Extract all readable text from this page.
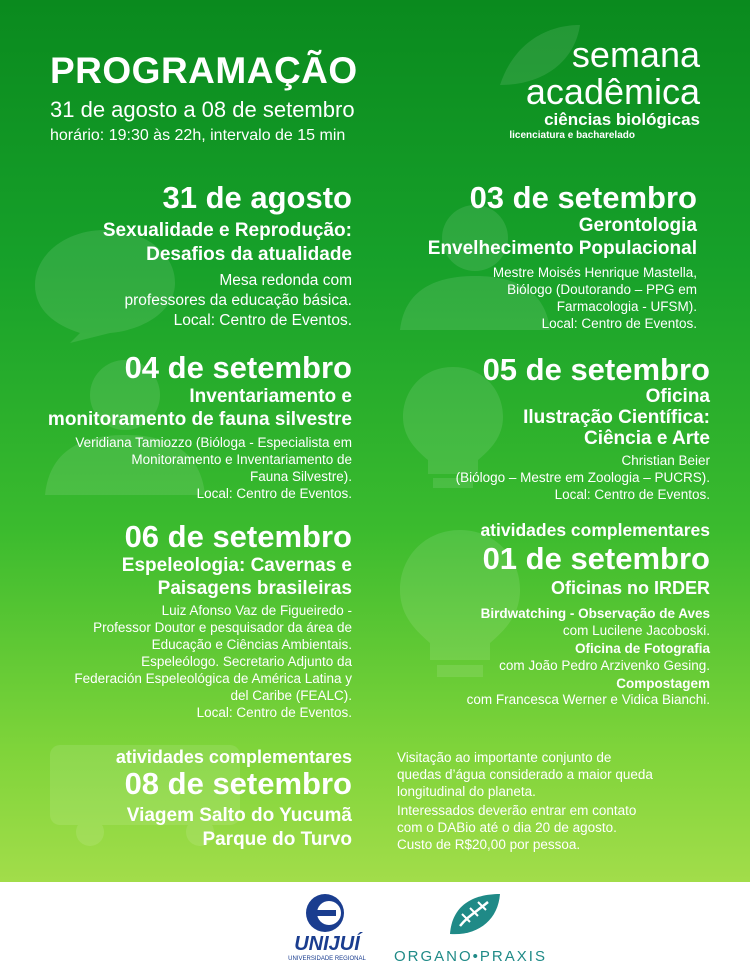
PROGRAMAÇÃO
31 de agosto a 08 de setembro
horário: 19:30 às 22h, intervalo de 15 min
semana
acadêmica
ciências biológicas
licenciatura e bacharelado
31 de agosto
Sexualidade e Reprodução:
Desafios da atualidade
Mesa redonda com
professores da educação básica.
Local: Centro de Eventos.
03 de setembro
Gerontologia
Envelhecimento Populacional
Mestre Moisés Henrique Mastella,
Biólogo (Doutorando – PPG em
Farmacologia - UFSM).
Local: Centro de Eventos.
04 de setembro
Inventariamento e
monitoramento de fauna silvestre
Veridiana Tamiozzo (Bióloga - Especialista em
Monitoramento e Inventariamento de
Fauna Silvestre).
Local: Centro de Eventos.
05 de setembro
Oficina
Ilustração Científica:
Ciência e Arte
Christian Beier
(Biólogo – Mestre em Zoologia – PUCRS).
Local: Centro de Eventos.
06 de setembro
Espeleologia: Cavernas e
Paisagens brasileiras
Luiz Afonso Vaz de Figueiredo -
Professor Doutor e pesquisador da área de
Educação e Ciências Ambientais.
Espeleólogo. Secretario Adjunto da
Federación Espeleológica de América Latina y
del Caribe (FEALC).
Local: Centro de Eventos.
atividades complementares
01 de setembro
Oficinas no IRDER
Birdwatching - Observação de Aves
com Lucilene Jacoboski.
Oficina de Fotografia
com João Pedro Arzivenko Gesing.
Compostagem
com Francesca Werner e Vidica Bianchi.
atividades complementares
08 de setembro
Viagem Salto do Yucumã
Parque do Turvo
Visitação ao importante conjunto de
quedas d’água considerado a maior queda
longitudinal do planeta.
Interessados deverão entrar em contato
com o DABio até o dia 20 de agosto.
Custo de R$20,00 por pessoa.
UNIJUÍ
UNIVERSIDADE REGIONAL	ORGANO•PRAXIS
